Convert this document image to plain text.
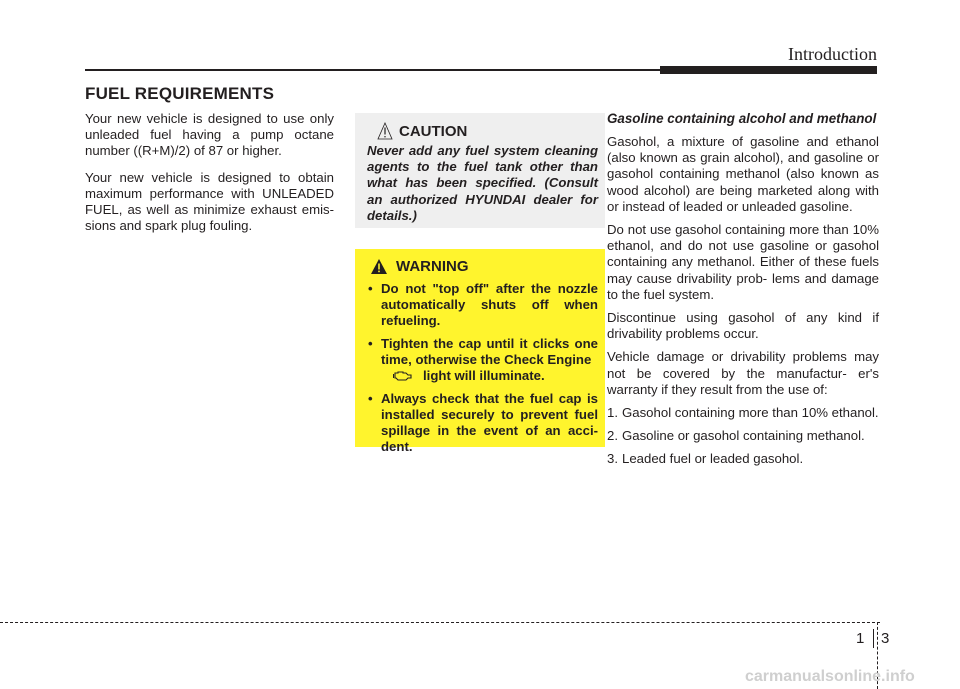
Introduction
FUEL REQUIREMENTS

Your new vehicle is designed to use only unleaded fuel having a pump octane number ((R+M)/2) of 87 or higher.

Your new vehicle is designed to obtain maximum performance with UNLEADED FUEL, as well as minimize exhaust emis- sions and spark plug fouling.

CAUTION
Never add any fuel system cleaning agents to the fuel tank other than what has been specified. (Consult an authorized HYUNDAI dealer for details.)
WARNING
• Do not "top off" after the nozzle automatically shuts off when refueling.
• Tighten the cap until it clicks one time, otherwise the Check Engine
light will illuminate.
• Always check that the fuel cap is installed securely to prevent fuel spillage in the event of an acci- dent.
Gasoline containing alcohol and methanol

Gasohol, a mixture of gasoline and ethanol (also known as grain alcohol), and gasoline or gasohol containing methanol (also known as wood alcohol) are being marketed along with or instead of leaded or unleaded gasoline.

Do not use gasohol containing more than 10% ethanol, and do not use gasoline or gasohol containing any methanol. Either of these fuels may cause drivability prob- lems and damage to the fuel system.

Discontinue using gasohol of any kind if drivability problems occur.

Vehicle damage or drivability problems may not be covered by the manufactur- er's warranty if they result from the use of:

1. Gasohol containing more than 10% ethanol.
2. Gasoline or gasohol containing methanol.
3. Leaded fuel or leaded gasohol.
1 3
carmanualsonline.info
